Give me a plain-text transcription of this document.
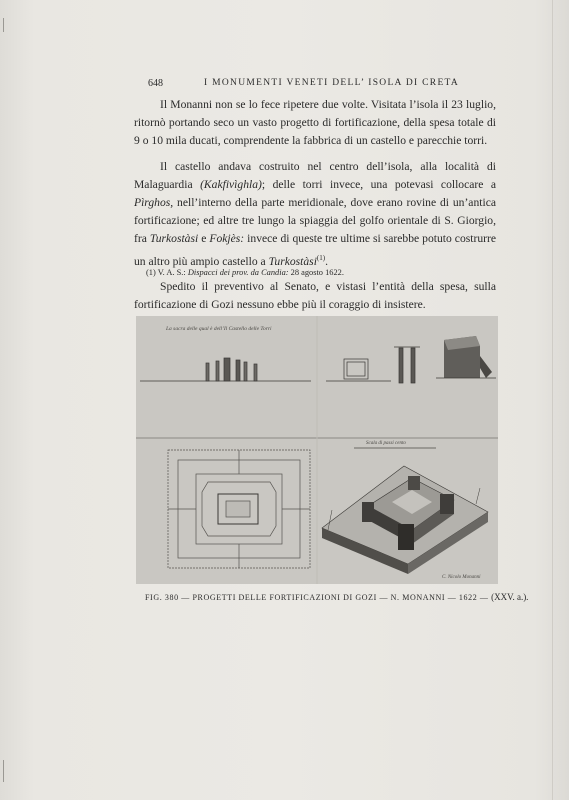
648	I MONUMENTI VENETI DELL’ ISOLA DI CRETA

Il Monanni non se lo fece ripetere due volte. Visitata l’isola il 23 luglio, ritornò portando seco un vasto progetto di fortificazione, della spesa totale di 9 o 10 mila ducati, comprendente la fabbrica di un castello e parecchie torri.

Il castello andava costruito nel centro dell’isola, alla località di Malaguardia (Kakfivìghla); delle torri invece, una potevasi collocare a Pìrghos, nell’interno della parte meridionale, dove erano rovine di un’antica fortificazione; ed altre tre lungo la spiaggia del golfo orientale di S. Giorgio, fra Turkostàsi e Fokjès: invece di queste tre ultime si sarebbe potuto costrurre un altro più ampio castello a Turkostàsi$^{(1)}$.

Spedito il preventivo al Senato, e vistasi l’entità della spesa, sulla fortificazione di Gozi nessuno ebbe più il coraggio di insistere.

(1) V. A. S.: Dispacci dei prov. da Candia: 28 agosto 1622.
La sacra delle qual è dell’Il Castello delle Torri
Scala di passi cento
C. Nicolo Monanni
FIG. 380 — PROGETTI DELLE FORTIFICAZIONI DI GOZI — N. MONANNI — 1622 — (XXV. a.).
